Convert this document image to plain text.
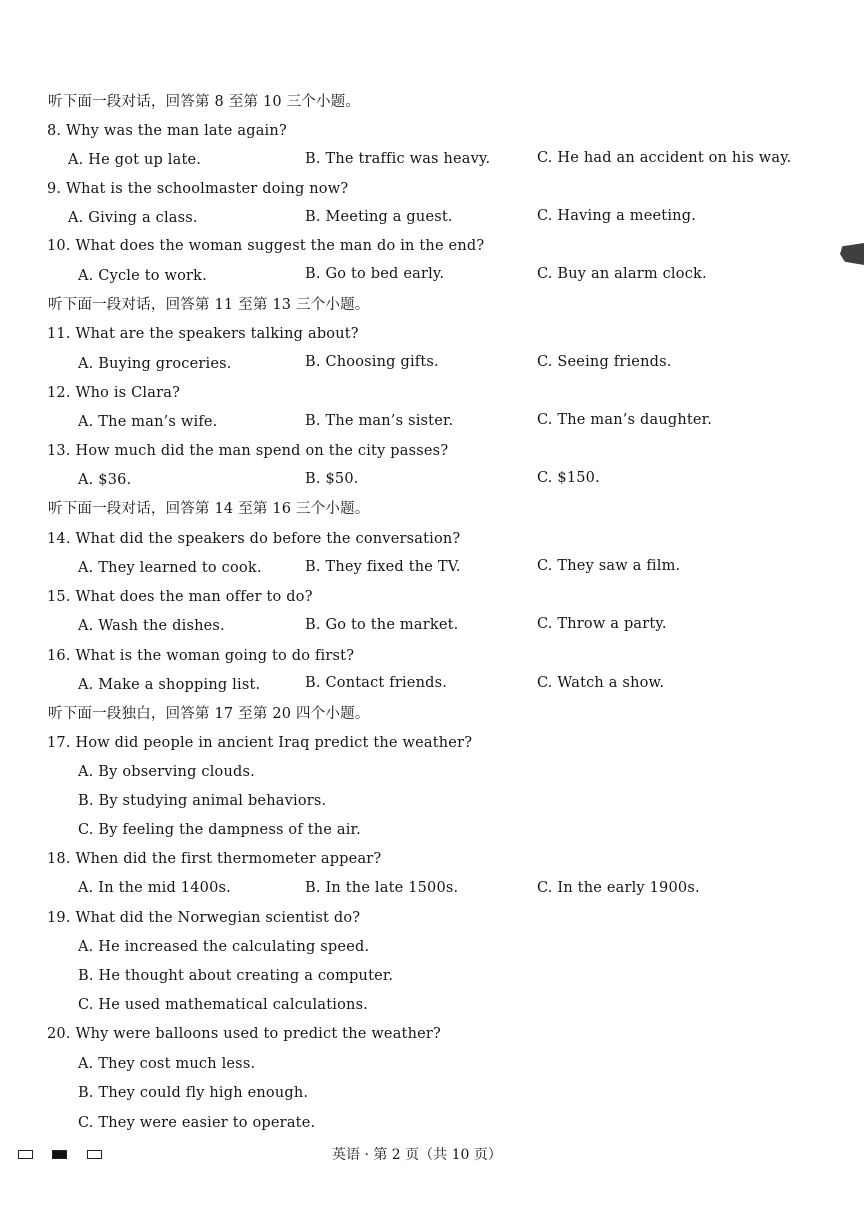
听下面一段对话，回答第 8 至第 10 三个小题。
8. Why was the man late again?
A. He got up late.	B. The traffic was heavy.	C. He had an accident on his way.
9. What is the schoolmaster doing now?
A. Giving a class.	B. Meeting a guest.	C. Having a meeting.
10. What does the woman suggest the man do in the end?
A. Cycle to work.	B. Go to bed early.	C. Buy an alarm clock.
听下面一段对话，回答第 11 至第 13 三个小题。
11. What are the speakers talking about?
A. Buying groceries.	B. Choosing gifts.	C. Seeing friends.
12. Who is Clara?
A. The man’s wife.	B. The man’s sister.	C. The man’s daughter.
13. How much did the man spend on the city passes?
A. $36.	B. $50.	C. $150.
听下面一段对话，回答第 14 至第 16 三个小题。
14. What did the speakers do before the conversation?
A. They learned to cook.	B. They fixed the TV.	C. They saw a film.
15. What does the man offer to do?
A. Wash the dishes.	B. Go to the market.	C. Throw a party.
16. What is the woman going to do first?
A. Make a shopping list.	B. Contact friends.	C. Watch a show.
听下面一段独白，回答第 17 至第 20 四个小题。
17. How did people in ancient Iraq predict the weather?
A. By observing clouds.
B. By studying animal behaviors.
C. By feeling the dampness of the air.
18. When did the first thermometer appear?
A. In the mid 1400s.	B. In the late 1500s.	C. In the early 1900s.
19. What did the Norwegian scientist do?
A. He increased the calculating speed.
B. He thought about creating a computer.
C. He used mathematical calculations.
20. Why were balloons used to predict the weather?
A. They cost much less.
B. They could fly high enough.
C. They were easier to operate.
英语 · 第 2 页（共 10 页）
